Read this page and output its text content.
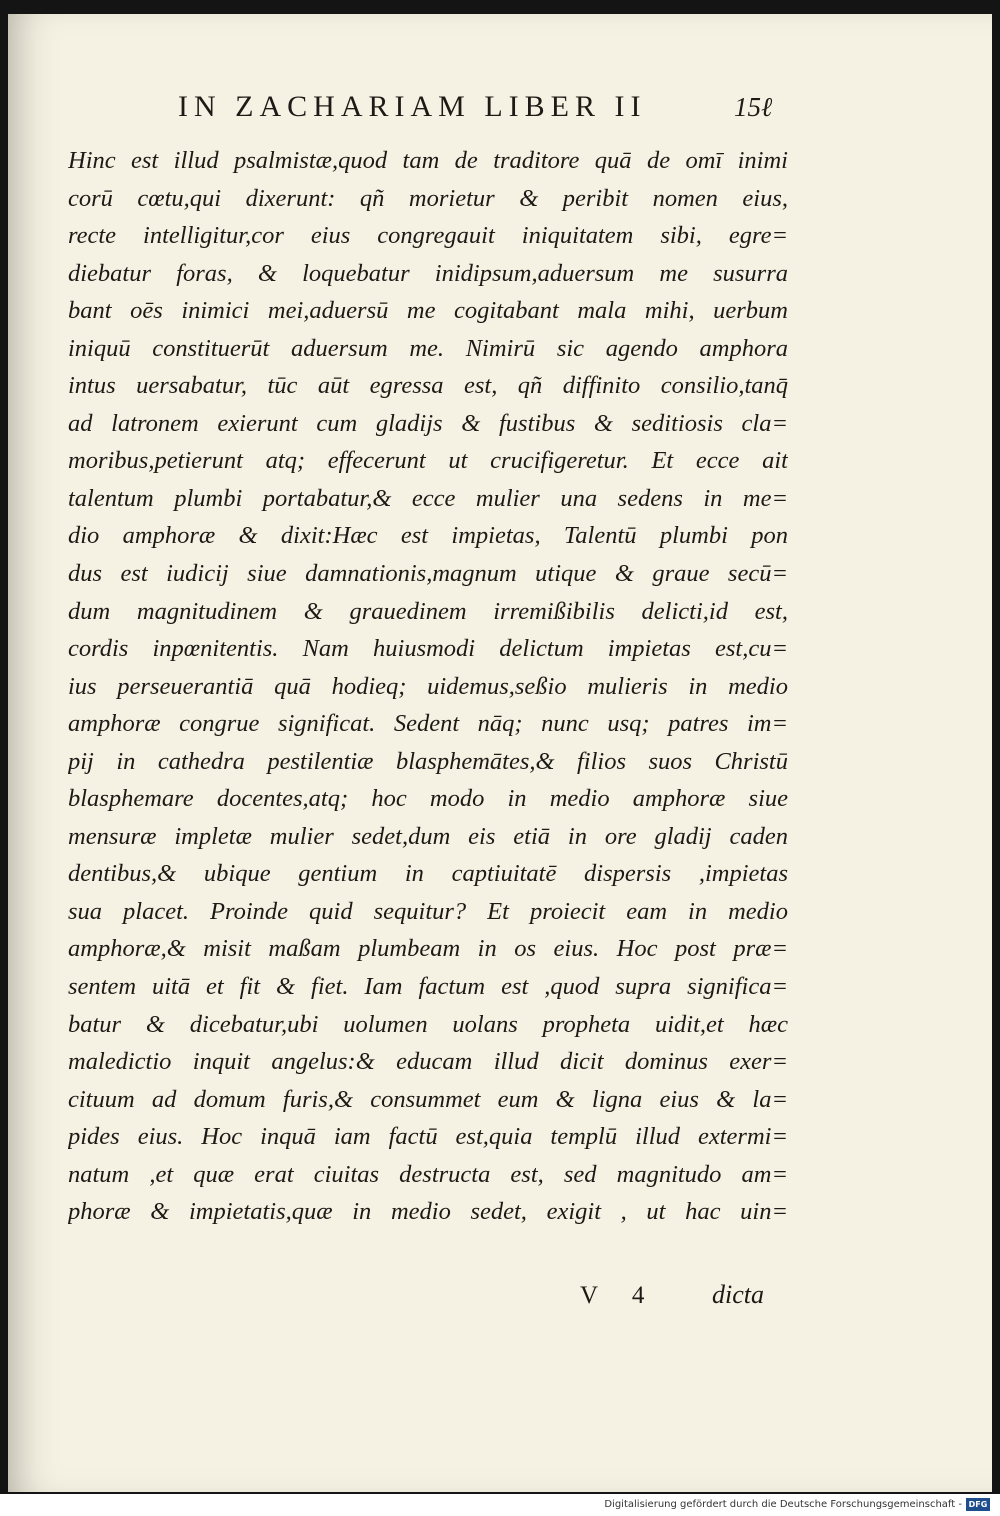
IN ZACHARIAM LIBER II	15ℓ
Hinc est illud psalmistæ,quod tam de traditore quā de omī inimi
corū cœtu,qui dixerunt: qñ morietur & peribit nomen eius,
recte intelligitur,cor eius congregauit iniquitatem sibi, egre=
diebatur foras, & loquebatur inidipsum,aduersum me susurra
bant oēs inimici mei,aduersū me cogitabant mala mihi, uerbum
iniquū constituerūt aduersum me. Nimirū sic agendo amphora
intus uersabatur, tūc aūt egressa est, qñ diffinito consilio,tanq̄
ad latronem exierunt cum gladijs & fustibus & seditiosis cla=
moribus,petierunt atq; effecerunt ut crucifigeretur. Et ecce ait
talentum plumbi portabatur,& ecce mulier una sedens in me=
dio amphoræ & dixit:Hæc est impietas, Talentū plumbi pon
dus est iudicij siue damnationis,magnum utique & graue secū=
dum magnitudinem & grauedinem irremißibilis delicti,id est,
cordis inpœnitentis. Nam huiusmodi delictum impietas est,cu=
ius perseuerantiā quā hodieq; uidemus,seßio mulieris in medio
amphoræ congrue significat. Sedent nāq; nunc usq; patres im=
pij in cathedra pestilentiæ blasphemātes,& filios suos Christū
blasphemare docentes,atq; hoc modo in medio amphoræ siue
mensuræ impletæ mulier sedet,dum eis etiā in ore gladij caden
dentibus,& ubique gentium in captiuitatē dispersis ,impietas
sua placet. Proinde quid sequitur? Et proiecit eam in medio
amphoræ,& misit maßam plumbeam in os eius. Hoc post præ=
sentem uitā et fit & fiet. Iam factum est ,quod supra significa=
batur & dicebatur,ubi uolumen uolans propheta uidit,et hæc
maledictio inquit angelus:& educam illud dicit dominus exer=
cituum ad domum furis,& consummet eum & ligna eius & la=
pides eius. Hoc inquā iam factū est,quia templū illud extermi=
natum ,et quæ erat ciuitas destructa est, sed magnitudo am=
phoræ & impietatis,quæ in medio sedet, exigit , ut hac uin=
V 4 dicta
Digitalisierung gefördert durch die Deutsche Forschungsgemeinschaft - DFG
